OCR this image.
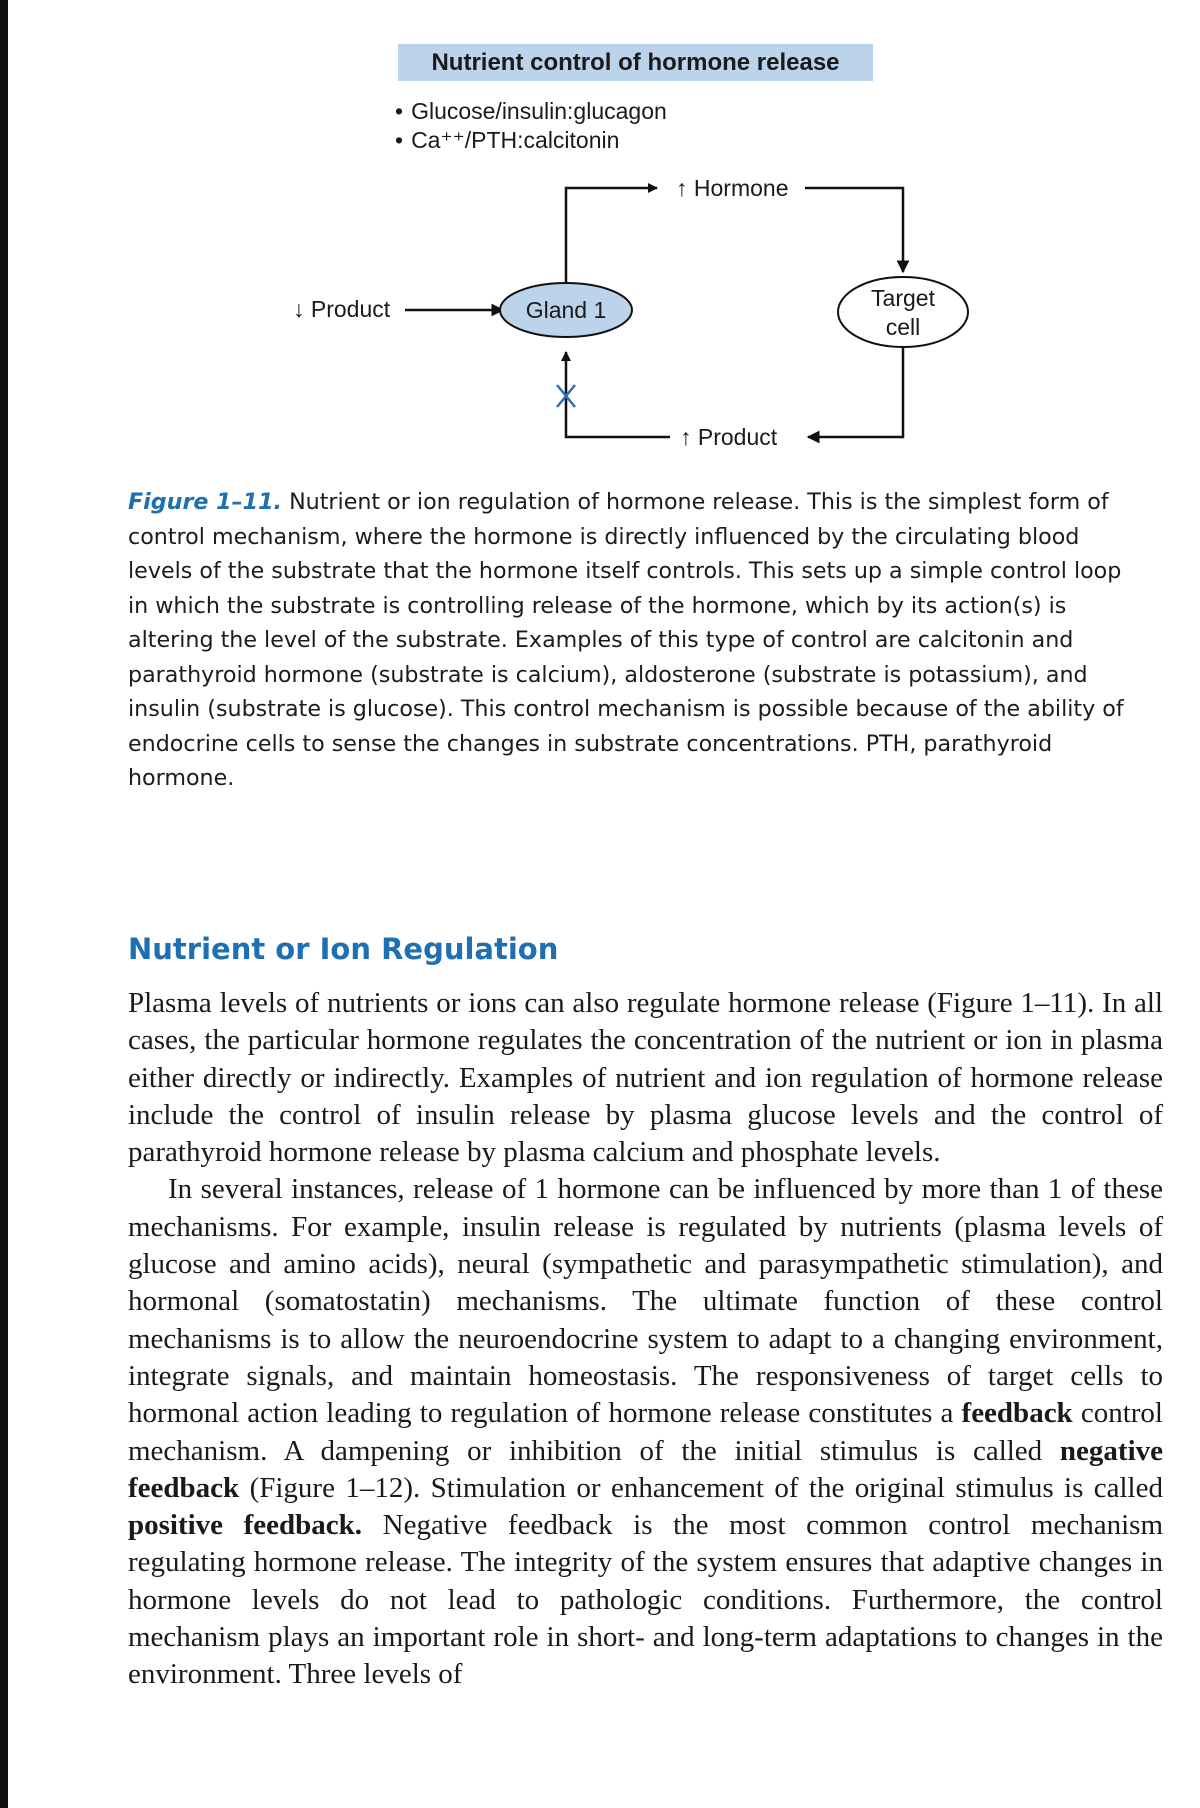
Nutrient control of hormone release
• Glucose/insulin:glucagon
• Ca⁺⁺/PTH:calcitonin
↓ Product	Gland 1
↑ Hormone
Target
cell
↑ Product

Figure 1–11. Nutrient or ion regulation of hormone release. This is the simplest form of control mechanism, where the hormone is directly influenced by the circulating blood levels of the substrate that the hormone itself controls. This sets up a simple control loop in which the substrate is controlling release of the hormone, which by its action(s) is altering the level of the substrate. Examples of this type of control are calcitonin and parathyroid hormone (substrate is calcium), aldosterone (substrate is potassium), and insulin (substrate is glucose). This control mechanism is possible because of the ability of endocrine cells to sense the changes in substrate concentrations. PTH, parathyroid hormone.

Nutrient or Ion Regulation

Plasma levels of nutrients or ions can also regulate hormone release (Figure 1–11). In all cases, the particular hormone regulates the concentration of the nutrient or ion in plasma either directly or indirectly. Examples of nutrient and ion regulation of hormone release include the control of insulin release by plasma glucose levels and the control of parathyroid hormone release by plasma calcium and phosphate levels.

In several instances, release of 1 hormone can be influenced by more than 1 of these mechanisms. For example, insulin release is regulated by nutrients (plasma levels of glucose and amino acids), neural (sympathetic and parasympathetic stimulation), and hormonal (somatostatin) mechanisms. The ultimate function of these control mechanisms is to allow the neuroendocrine system to adapt to a changing environment, integrate signals, and maintain homeostasis. The responsiveness of target cells to hormonal action leading to regulation of hormone release constitutes a feedback control mechanism. A dampening or inhibition of the initial stimulus is called negative feedback (Figure 1–12). Stimulation or enhancement of the original stimulus is called positive feedback. Negative feedback is the most common control mechanism regulating hormone release. The integrity of the system ensures that adaptive changes in hormone levels do not lead to pathologic conditions. Furthermore, the control mechanism plays an important role in short- and long-term adaptations to changes in the environment. Three levels of
